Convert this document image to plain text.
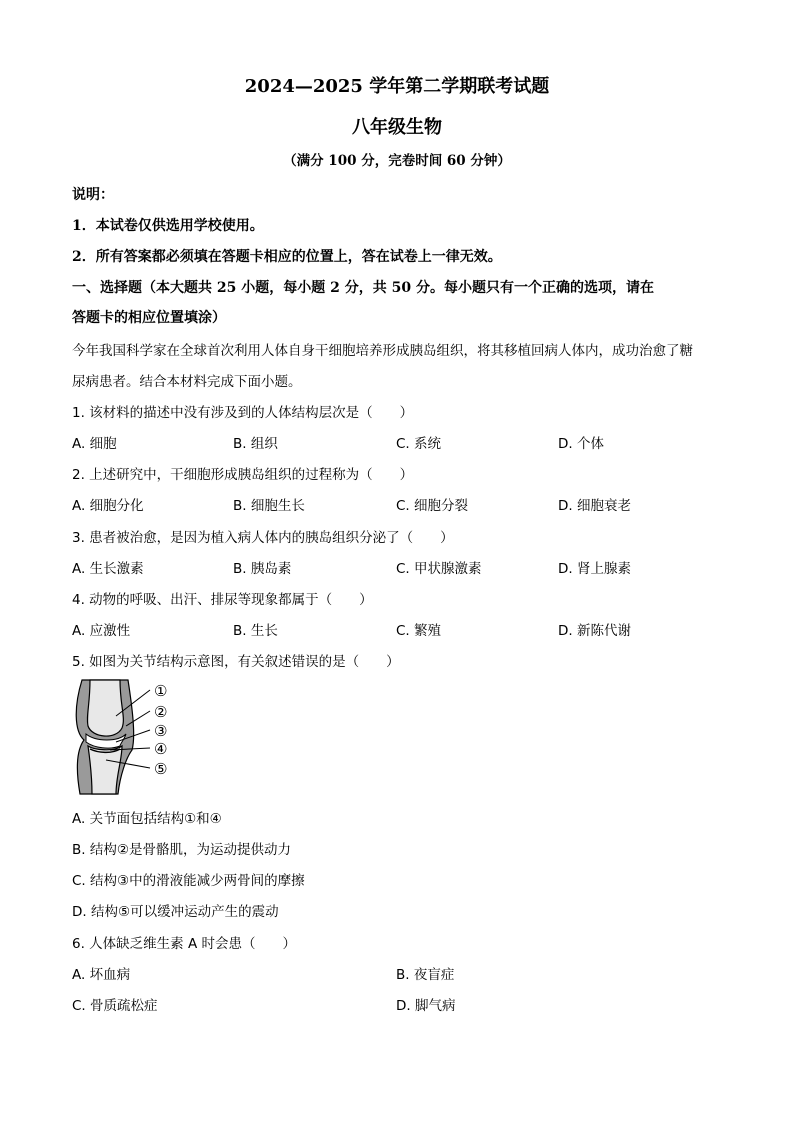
2024—2025 学年第二学期联考试题
八年级生物
（满分 100 分，完卷时间 60 分钟）
说明：
1．本试卷仅供选用学校使用。
2．所有答案都必须填在答题卡相应的位置上，答在试卷上一律无效。
一、选择题（本大题共 25 小题，每小题 2 分，共 50 分。每小题只有一个正确的选项，请在
答题卡的相应位置填涂）
今年我国科学家在全球首次利用人体自身干细胞培养形成胰岛组织，将其移植回病人体内，成功治愈了糖
尿病患者。结合本材料完成下面小题。
1. 该材料的描述中没有涉及到的人体结构层次是（　　）
A. 细胞	B. 组织	C. 系统	D. 个体
2. 上述研究中，干细胞形成胰岛组织的过程称为（　　）
A. 细胞分化	B. 细胞生长	C. 细胞分裂	D. 细胞衰老
3. 患者被治愈，是因为植入病人体内的胰岛组织分泌了（　　）
A. 生长激素	B. 胰岛素	C. 甲状腺激素	D. 肾上腺素
4. 动物的呼吸、出汗、排尿等现象都属于（　　）
A. 应激性	B. 生长	C. 繁殖	D. 新陈代谢
5. 如图为关节结构示意图，有关叙述错误的是（　　）
①
②
③
④
⑤
A. 关节面包括结构①和④
B. 结构②是骨骼肌，为运动提供动力
C. 结构③中的滑液能减少两骨间的摩擦
D. 结构⑤可以缓冲运动产生的震动
6. 人体缺乏维生素 A 时会患（　　）
A. 坏血病	B. 夜盲症
C. 骨质疏松症	D. 脚气病
